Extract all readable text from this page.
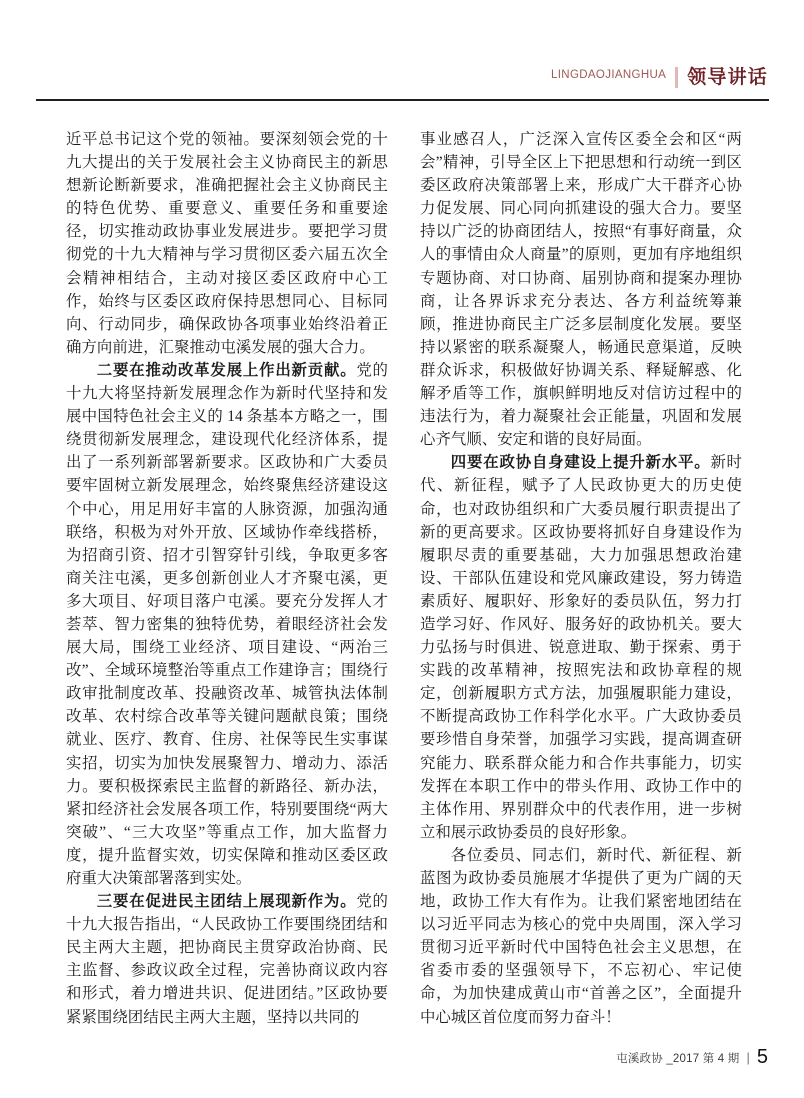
LINGDAOJIANGHUA 领导讲话

近平总书记这个党的领袖。要深刻领会党的十九大提出的关于发展社会主义协商民主的新思想新论断新要求，准确把握社会主义协商民主的特色优势、重要意义、重要任务和重要途径，切实推动政协事业发展进步。要把学习贯彻党的十九大精神与学习贯彻区委六届五次全会精神相结合，主动对接区委区政府中心工作，始终与区委区政府保持思想同心、目标同向、行动同步，确保政协各项事业始终沿着正确方向前进，汇聚推动屯溪发展的强大合力。

二要在推动改革发展上作出新贡献。党的十九大将坚持新发展理念作为新时代坚持和发展中国特色社会主义的 14 条基本方略之一，围绕贯彻新发展理念，建设现代化经济体系，提出了一系列新部署新要求。区政协和广大委员要牢固树立新发展理念，始终聚焦经济建设这个中心，用足用好丰富的人脉资源，加强沟通联络，积极为对外开放、区域协作牵线搭桥，为招商引资、招才引智穿针引线，争取更多客商关注屯溪，更多创新创业人才齐聚屯溪，更多大项目、好项目落户屯溪。要充分发挥人才荟萃、智力密集的独特优势，着眼经济社会发展大局，围绕工业经济、项目建设、“两治三改”、全域环境整治等重点工作建诤言；围绕行政审批制度改革、投融资改革、城管执法体制改革、农村综合改革等关键问题献良策；围绕就业、医疗、教育、住房、社保等民生实事谋实招，切实为加快发展聚智力、增动力、添活力。要积极探索民主监督的新路径、新办法，紧扣经济社会发展各项工作，特别要围绕“两大突破”、“三大攻坚”等重点工作，加大监督力度，提升监督实效，切实保障和推动区委区政府重大决策部署落到实处。

三要在促进民主团结上展现新作为。党的十九大报告指出，“人民政协工作要围绕团结和民主两大主题，把协商民主贯穿政治协商、民主监督、参政议政全过程，完善协商议政内容和形式，着力增进共识、促进团结。”区政协要紧紧围绕团结民主两大主题，坚持以共同的

事业感召人，广泛深入宣传区委全会和区“两会”精神，引导全区上下把思想和行动统一到区委区政府决策部署上来，形成广大干群齐心协力促发展、同心同向抓建设的强大合力。要坚持以广泛的协商团结人，按照“有事好商量，众人的事情由众人商量”的原则，更加有序地组织专题协商、对口协商、届别协商和提案办理协商，让各界诉求充分表达、各方利益统筹兼顾，推进协商民主广泛多层制度化发展。要坚持以紧密的联系凝聚人，畅通民意渠道，反映群众诉求，积极做好协调关系、释疑解惑、化解矛盾等工作，旗帜鲜明地反对信访过程中的违法行为，着力凝聚社会正能量，巩固和发展心齐气顺、安定和谐的良好局面。

四要在政协自身建设上提升新水平。新时代、新征程，赋予了人民政协更大的历史使命，也对政协组织和广大委员履行职责提出了新的更高要求。区政协要将抓好自身建设作为履职尽责的重要基础，大力加强思想政治建设、干部队伍建设和党风廉政建设，努力铸造素质好、履职好、形象好的委员队伍，努力打造学习好、作风好、服务好的政协机关。要大力弘扬与时俱进、锐意进取、勤于探索、勇于实践的改革精神，按照宪法和政协章程的规定，创新履职方式方法，加强履职能力建设，不断提高政协工作科学化水平。广大政协委员要珍惜自身荣誉，加强学习实践，提高调查研究能力、联系群众能力和合作共事能力，切实发挥在本职工作中的带头作用、政协工作中的主体作用、界别群众中的代表作用，进一步树立和展示政协委员的良好形象。

各位委员、同志们，新时代、新征程、新蓝图为政协委员施展才华提供了更为广阔的天地，政协工作大有作为。让我们紧密地团结在以习近平同志为核心的党中央周围，深入学习贯彻习近平新时代中国特色社会主义思想，在省委市委的坚强领导下，不忘初心、牢记使命，为加快建成黄山市“首善之区”，全面提升中心城区首位度而努力奋斗！

屯溪政协 _2017 第 4 期 | 5
